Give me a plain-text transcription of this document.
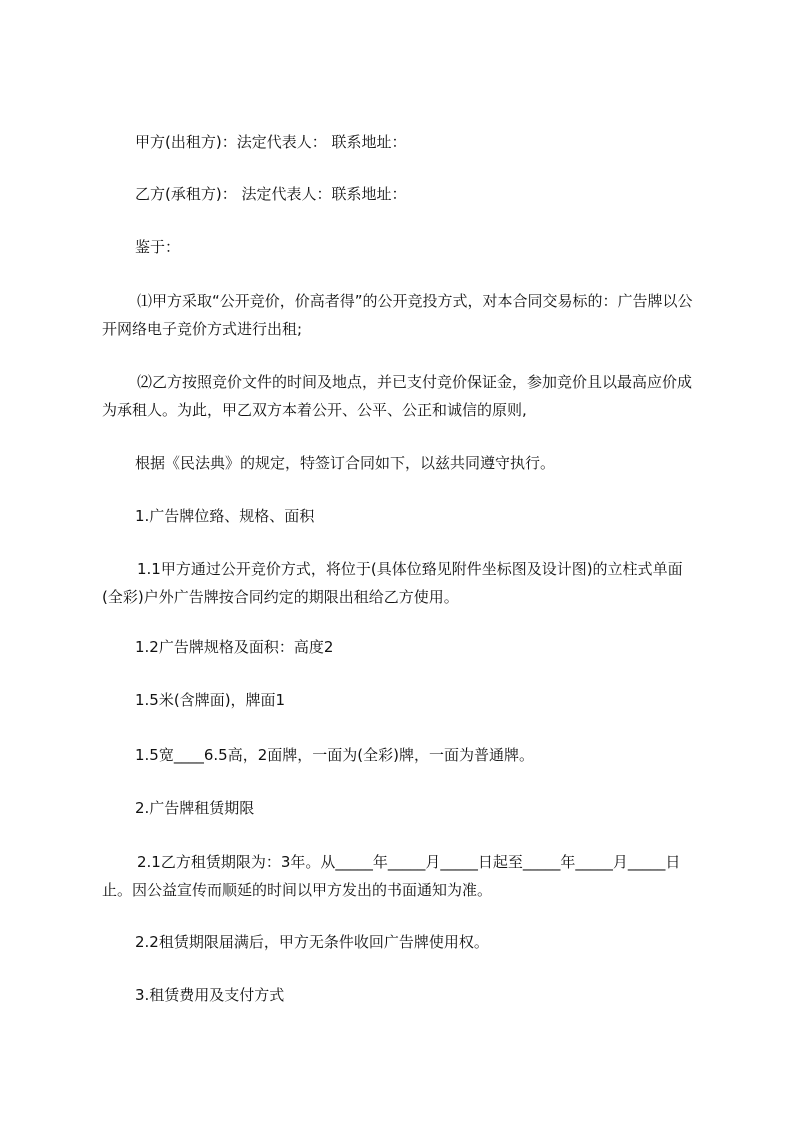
甲方(出租方)：法定代表人： 联系地址：

乙方(承租方)： 法定代表人：联系地址：

鉴于：

⑴甲方采取“公开竞价，价高者得”的公开竞投方式，对本合同交易标的：广告牌以公开网络电子竞价方式进行出租;

⑵乙方按照竞价文件的时间及地点，并已支付竞价保证金，参加竞价且以最高应价成为承租人。为此，甲乙双方本着公开、公平、公正和诚信的原则,

根据《民法典》的规定，特签订合同如下，以兹共同遵守执行。

1.广告牌位臵、规格、面积

1.1甲方通过公开竞价方式，将位于(具体位臵见附件坐标图及设计图)的立柱式单面(全彩)户外广告牌按合同约定的期限出租给乙方使用。

1.2广告牌规格及面积：高度2

1.5米(含牌面)，牌面1

1.5宽____6.5高，2面牌，一面为(全彩)牌，一面为普通牌。

2.广告牌租赁期限

2.1乙方租赁期限为：3年。从_____年_____月_____日起至_____年_____月_____日止。因公益宣传而顺延的时间以甲方发出的书面通知为准。

2.2租赁期限届满后，甲方无条件收回广告牌使用权。

3.租赁费用及支付方式
